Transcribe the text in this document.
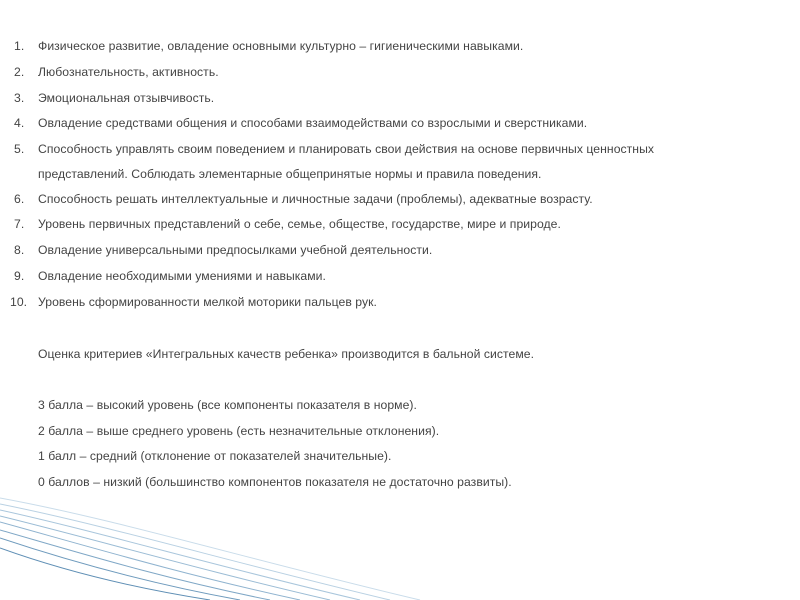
1.	Физическое развитие, овладение основными культурно – гигиеническими навыками.
2.	Любознательность, активность.
3.	Эмоциональная отзывчивость.
4.	Овладение средствами общения и способами взаимодействами со взрослыми и сверстниками.
5.	Способность управлять своим поведением и планировать свои действия на основе первичных ценностных
представлений. Соблюдать элементарные общепринятые нормы и правила поведения.
6.	Способность решать интеллектуальные и личностные задачи (проблемы), адекватные возрасту.
7.	Уровень первичных представлений о себе, семье, обществе, государстве, мире и природе.
8.	Овладение универсальными предпосылками учебной деятельности.
9.	Овладение необходимыми умениями и навыками.
10. Уровень сформированности мелкой моторики пальцев рук.
Оценка критериев «Интегральных качеств ребенка» производится в бальной системе.
3 балла – высокий уровень (все компоненты показателя в норме).
2 балла – выше среднего уровень (есть незначительные отклонения).
1 балл – средний (отклонение от показателей значительные).
0 баллов – низкий (большинство компонентов показателя не достаточно развиты).
